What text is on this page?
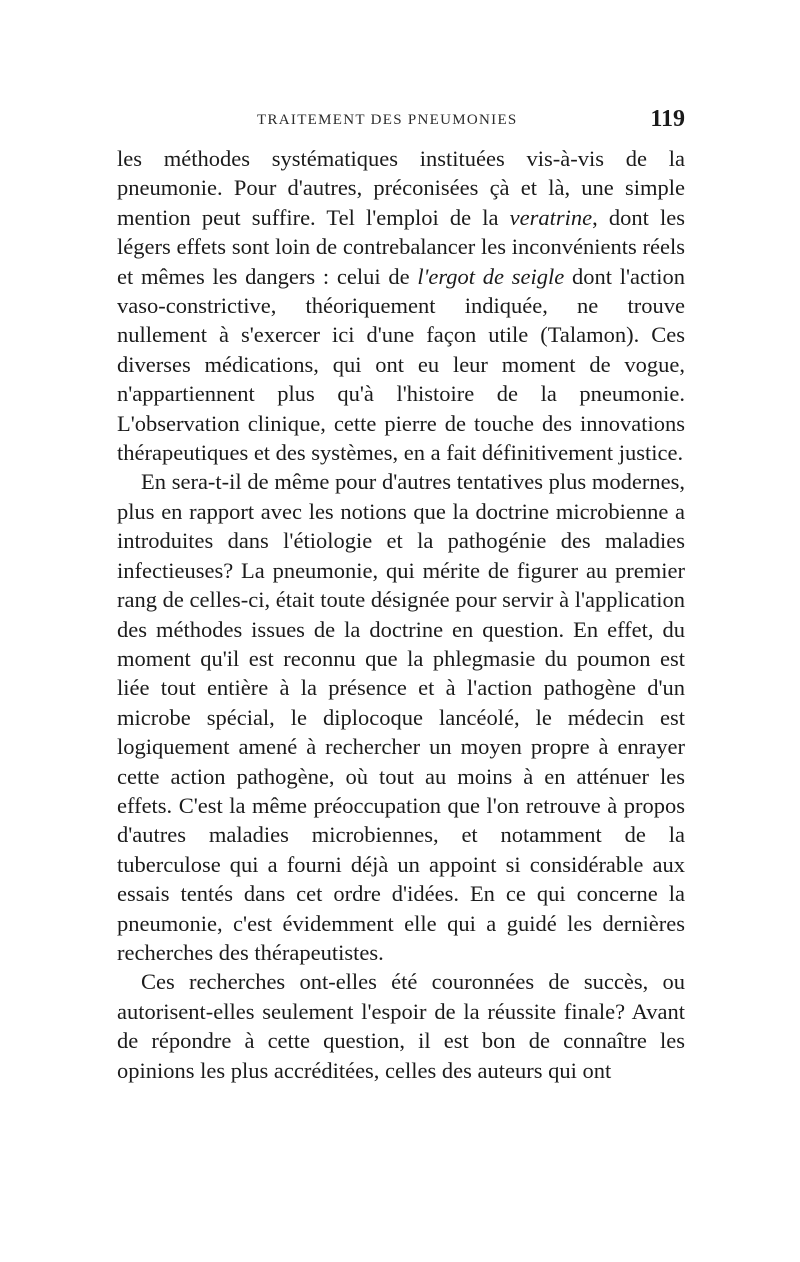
TRAITEMENT DES PNEUMONIES	119

les méthodes systématiques instituées vis-à-vis de la pneumonie. Pour d'autres, préconisées çà et là, une simple mention peut suffire. Tel l'emploi de la veratrine, dont les légers effets sont loin de contrebalancer les inconvénients réels et mêmes les dangers : celui de l'ergot de seigle dont l'action vaso-constrictive, théoriquement indiquée, ne trouve nullement à s'exercer ici d'une façon utile (Talamon). Ces diverses médications, qui ont eu leur moment de vogue, n'appartiennent plus qu'à l'histoire de la pneumonie. L'observation clinique, cette pierre de touche des innovations thérapeutiques et des systèmes, en a fait définitivement justice.

En sera-t-il de même pour d'autres tentatives plus modernes, plus en rapport avec les notions que la doctrine microbienne a introduites dans l'étiologie et la pathogénie des maladies infectieuses? La pneumonie, qui mérite de figurer au premier rang de celles-ci, était toute désignée pour servir à l'application des méthodes issues de la doctrine en question. En effet, du moment qu'il est reconnu que la phlegmasie du poumon est liée tout entière à la présence et à l'action pathogène d'un microbe spécial, le diplocoque lancéolé, le médecin est logiquement amené à rechercher un moyen propre à enrayer cette action pathogène, où tout au moins à en atténuer les effets. C'est la même préoccupation que l'on retrouve à propos d'autres maladies microbiennes, et notamment de la tuberculose qui a fourni déjà un appoint si considérable aux essais tentés dans cet ordre d'idées. En ce qui concerne la pneumonie, c'est évidemment elle qui a guidé les dernières recherches des thérapeutistes.

Ces recherches ont-elles été couronnées de succès, ou autorisent-elles seulement l'espoir de la réussite finale? Avant de répondre à cette question, il est bon de connaître les opinions les plus accréditées, celles des auteurs qui ont
